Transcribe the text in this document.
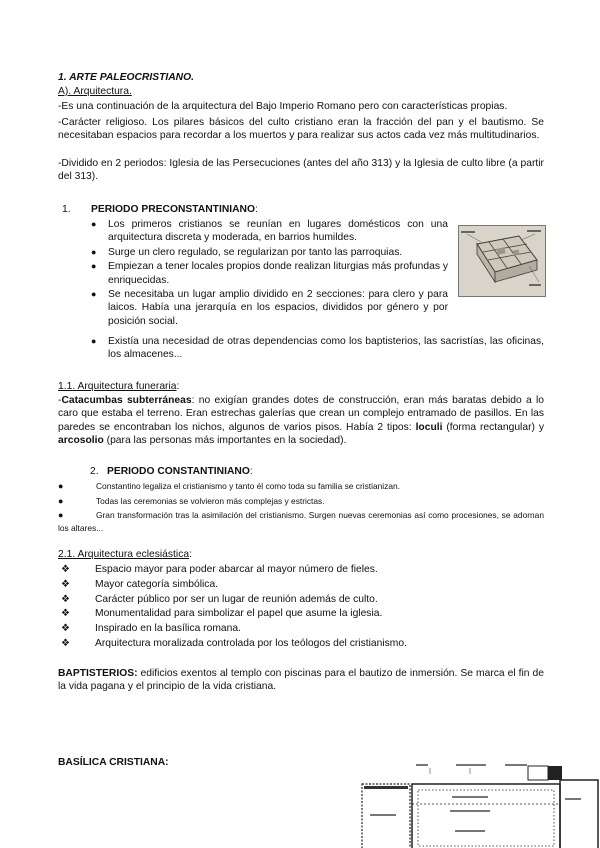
1. ARTE PALEOCRISTIANO.
A). Arquitectura.
-Es una continuación de la arquitectura del Bajo Imperio Romano pero con características propias.
-Carácter religioso. Los pilares básicos del culto cristiano eran la fracción del pan y el bautismo. Se necesitaban espacios para recordar a los muertos y para realizar sus actos cada vez más multitudinarios.
-Dividido en 2 periodos: Iglesia de las Persecuciones (antes del año 313) y la Iglesia de culto libre (a partir del 313).
1. PERIODO PRECONSTANTINIANO:
● Los primeros cristianos se reunían en lugares domésticos con una arquitectura discreta y moderada, en barrios humildes.
● Surge un clero regulado, se regularizan por tanto las parroquias.
● Empiezan a tener locales propios donde realizan liturgias más profundas y enriquecidas.
● Se necesitaba un lugar amplio dividido en 2 secciones: para clero y para laicos. Había una jerarquía en los espacios, divididos por género y por posición social.
● Existía una necesidad de otras dependencias como los baptisterios, las sacristías, las oficinas, los almacenes...
1.1. Arquitectura funeraria:
-Catacumbas subterráneas: no exigían grandes dotes de construcción, eran más baratas debido a lo caro que estaba el terreno. Eran estrechas galerías que crean un complejo entramado de pasillos. En las paredes se encontraban los nichos, algunos de varios pisos. Había 2 tipos: loculi (forma rectangular) y arcosolio (para las personas más importantes en la sociedad).
2. PERIODO CONSTANTINIANO:
●	Constantino legaliza el cristianismo y tanto él como toda su familia se cristianizan.
●	Todas las ceremonias se volvieron más complejas y estrictas.
●	Gran transformación tras la asimilación del cristianismo. Surgen nuevas ceremonias así como procesiones, se adornan los altares...
2.1. Arquitectura eclesiástica:
❖ Espacio mayor para poder abarcar al mayor número de fieles.
❖ Mayor categoría simbólica.
❖ Carácter público por ser un lugar de reunión además de culto.
❖ Monumentalidad para simbolizar el papel que asume la iglesia.
❖ Inspirado en la basílica romana.
❖ Arquitectura moralizada controlada por los teólogos del cristianismo.
BAPTISTERIOS: edificios exentos al templo con piscinas para el bautizo de inmersión. Se marca el fin de la vida pagana y el principio de la vida cristiana.
BASÍLICA CRISTIANA:
